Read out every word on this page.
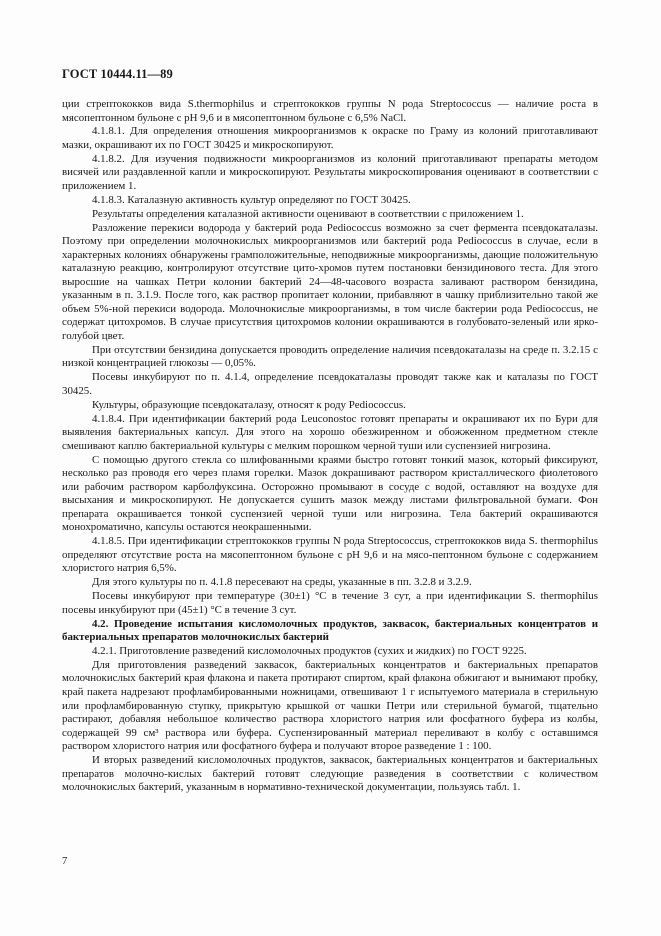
ГОСТ 10444.11—89

ции стрептококков вида S.thermophilus и стрептококков группы N рода Streptococcus — наличие роста в мясопептонном бульоне с рН 9,6 и в мясопептонном бульоне с 6,5% NaCl.

4.1.8.1. Для определения отношения микроорганизмов к окраске по Граму из колоний приготавливают мазки, окрашивают их по ГОСТ 30425 и микроскопируют.

4.1.8.2. Для изучения подвижности микроорганизмов из колоний приготавливают препараты методом висячей или раздавленной капли и микроскопируют. Результаты микроскопирования оценивают в соответствии с приложением 1.

4.1.8.3. Каталазную активность культур определяют по ГОСТ 30425.

Результаты определения каталазной активности оценивают в соответствии с приложением 1.

Разложение перекиси водорода у бактерий рода Pediococcus возможно за счет фермента псевдокаталазы. Поэтому при определении молочнокислых микроорганизмов или бактерий рода Pediococcus в случае, если в характерных колониях обнаружены грамположительные, неподвижные микроорганизмы, дающие положительную каталазную реакцию, контролируют отсутствие цито-хромов путем постановки бензидинового теста. Для этого выросшие на чашках Петри колонии бактерий 24—48-часового возраста заливают раствором бензидина, указанным в п. 3.1.9. После того, как раствор пропитает колонии, прибавляют в чашку приблизительно такой же объем 5%-ной перекиси водорода. Молочнокислые микроорганизмы, в том числе бактерии рода Pediococcus, не содержат цитохромов. В случае присутствия цитохромов колонии окрашиваются в голубовато-зеленый или ярко-голубой цвет.

При отсутствии бензидина допускается проводить определение наличия псевдокаталазы на среде п. 3.2.15 с низкой концентрацией глюкозы — 0,05%.

Посевы инкубируют по п. 4.1.4, определение псевдокаталазы проводят также как и каталазы по ГОСТ 30425.

Культуры, образующие псевдокаталазу, относят к роду Pediococcus.

4.1.8.4. При идентификации бактерий рода Leuconostoc готовят препараты и окрашивают их по Бури для выявления бактериальных капсул. Для этого на хорошо обезжиренном и обожженном предметном стекле смешивают каплю бактериальной культуры с мелким порошком черной туши или суспензией нигрозина.

С помощью другого стекла со шлифованными краями быстро готовят тонкий мазок, который фиксируют, несколько раз проводя его через пламя горелки. Мазок докрашивают раствором кристаллического фиолетового или рабочим раствором карболфуксина. Осторожно промывают в сосуде с водой, оставляют на воздухе для высыхания и микроскопируют. Не допускается сушить мазок между листами фильтровальной бумаги. Фон препарата окрашивается тонкой суспензией черной туши или нигрозина. Тела бактерий окрашиваются монохроматично, капсулы остаются неокрашенными.

4.1.8.5. При идентификации стрептококков группы N рода Streptococcus, стрептококков вида S. thermophilus определяют отсутствие роста на мясопептонном бульоне с рН 9,6 и на мясо-пептонном бульоне с содержанием хлористого натрия 6,5%.

Для этого культуры по п. 4.1.8 пересевают на среды, указанные в пп. 3.2.8 и 3.2.9.

Посевы инкубируют при температуре (30±1) °С в течение 3 сут, а при идентификации S. thermophilus посевы инкубируют при (45±1) °С в течение 3 сут.

4.2. Проведение испытания кисломолочных продуктов, заквасок, бактериальных концентратов и бактериальных препаратов молочнокислых бактерий

4.2.1. Приготовление разведений кисломолочных продуктов (сухих и жидких) по ГОСТ 9225.

Для приготовления разведений заквасок, бактериальных концентратов и бактериальных препаратов молочнокислых бактерий края флакона и пакета протирают спиртом, край флакона обжигают и вынимают пробку, край пакета надрезают профламбированными ножницами, отвешивают 1 г испытуемого материала в стерильную или профламбированную ступку, прикрытую крышкой от чашки Петри или стерильной бумагой, тщательно растирают, добавляя небольшое количество раствора хлористого натрия или фосфатного буфера из колбы, содержащей 99 см³ раствора или буфера. Суспензированный материал переливают в колбу с оставшимся раствором хлористого натрия или фосфатного буфера и получают второе разведение 1 : 100.

И вторых разведений кисломолочных продуктов, заквасок, бактериальных концентратов и бактериальных препаратов молочно-кислых бактерий готовят следующие разведения в соответствии с количеством молочнокислых бактерий, указанным в нормативно-технической документации, пользуясь табл. 1.

7
